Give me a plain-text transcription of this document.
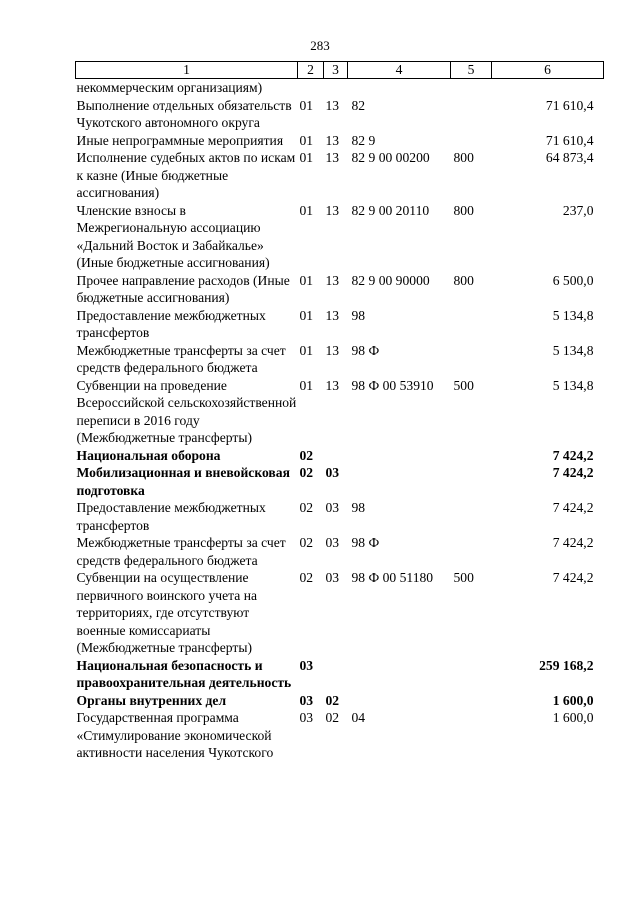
283
1	2	3	4	5	6
некоммерческим организациям)					
Выполнение отдельных обязательств Чукотского автономного округа	01	13	82		71 610,4
Иные непрограммные мероприятия	01	13	82 9		71 610,4
Исполнение судебных актов по искам к казне (Иные бюджетные ассигнования)	01	13	82 9 00 00200	800	64 873,4
Членские взносы в Межрегиональную ассоциацию «Дальний Восток и Забайкалье» (Иные бюджетные ассигнования)	01	13	82 9 00 20110	800	237,0
Прочее направление расходов (Иные бюджетные ассигнования)	01	13	82 9 00 90000	800	6 500,0
Предоставление межбюджетных трансфертов	01	13	98		5 134,8
Межбюджетные трансферты за счет средств федерального бюджета	01	13	98 Ф		5 134,8
Субвенции на проведение Всероссийской сельскохозяйственной переписи в 2016 году (Межбюджетные трансферты)	01	13	98 Ф 00 53910	500	5 134,8
Национальная оборона	02				7 424,2
Мобилизационная и вневойсковая подготовка	02	03			7 424,2
Предоставление межбюджетных трансфертов	02	03	98		7 424,2
Межбюджетные трансферты за счет средств федерального бюджета	02	03	98 Ф		7 424,2
Субвенции на осуществление первичного воинского учета на территориях, где отсутствуют военные комиссариаты (Межбюджетные трансферты)	02	03	98 Ф 00 51180	500	7 424,2
Национальная безопасность и правоохранительная деятельность	03				259 168,2
Органы внутренних дел	03	02			1 600,0
Государственная программа «Стимулирование экономической активности населения Чукотского	03	02	04		1 600,0
